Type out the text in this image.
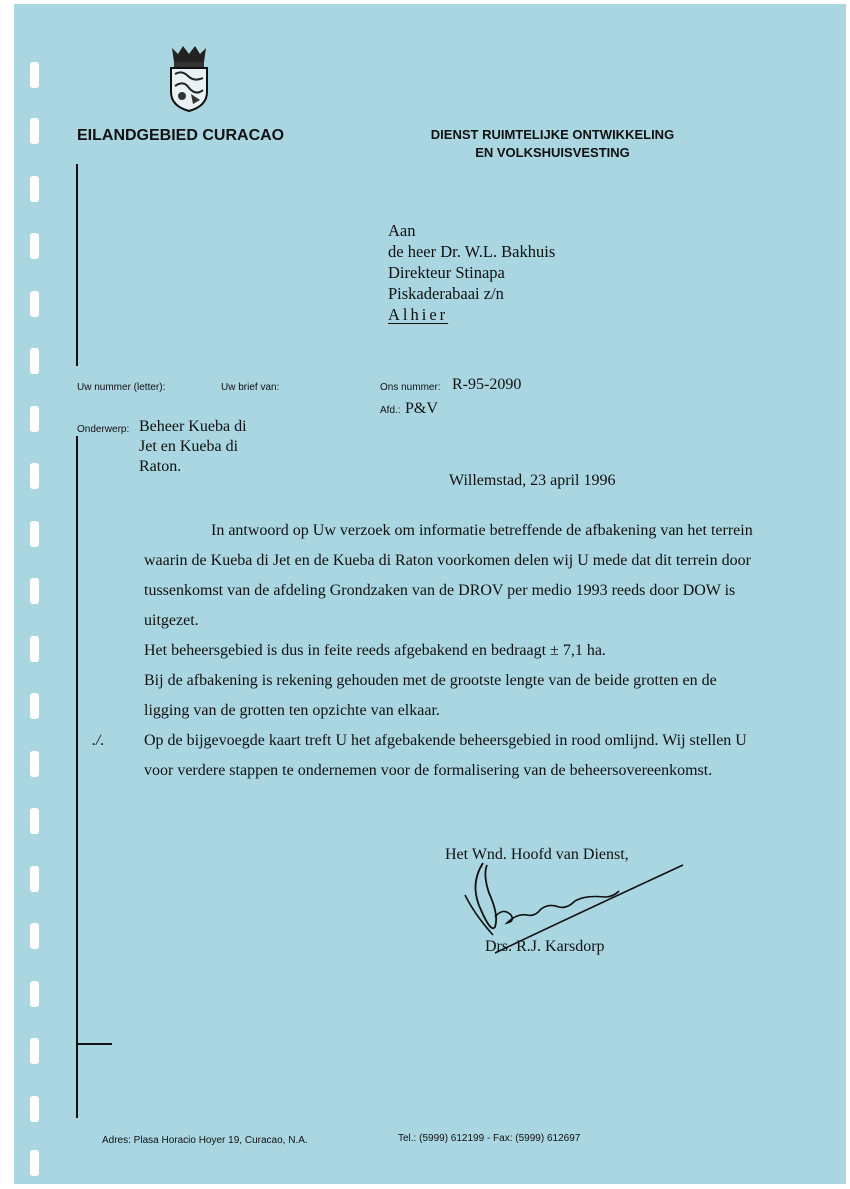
EILANDGEBIED CURACAO	DIENST RUIMTELIJKE ONTWIKKELING
EN VOLKSHUISVESTING
Aan
de heer Dr. W.L. Bakhuis
Direkteur Stinapa
Piskaderabaai z/n
Alhier
Uw nummer (letter):	Uw brief van:	Ons nummer: R-95-2090
Afd.: P&V
Onderwerp: Beheer Kueba di
Jet en Kueba di
Raton.
Willemstad, 23 april 1996

In antwoord op Uw verzoek om informatie betreffende de afbakening van het terrein waarin de Kueba di Jet en de Kueba di Raton voorkomen delen wij U mede dat dit terrein door tussenkomst van de afdeling Grondzaken van de DROV per medio 1993 reeds door DOW is uitgezet.

Het beheersgebied is dus in feite reeds afgebakend en bedraagt ± 7,1 ha.

Bij de afbakening is rekening gehouden met de grootste lengte van de beide grotten en de ligging van de grotten ten opzichte van elkaar.

Op de bijgevoegde kaart treft U het afgebakende beheersgebied in rood omlijnd. Wij stellen U voor verdere stappen te ondernemen voor de formalisering van de beheersovereenkomst.

./.
Het Wnd. Hoofd van Dienst,
Drs. R.J. Karsdorp
Adres: Plasa Horacio Hoyer 19, Curacao, N.A.	Tel.: (5999) 612199 - Fax: (5999) 612697
